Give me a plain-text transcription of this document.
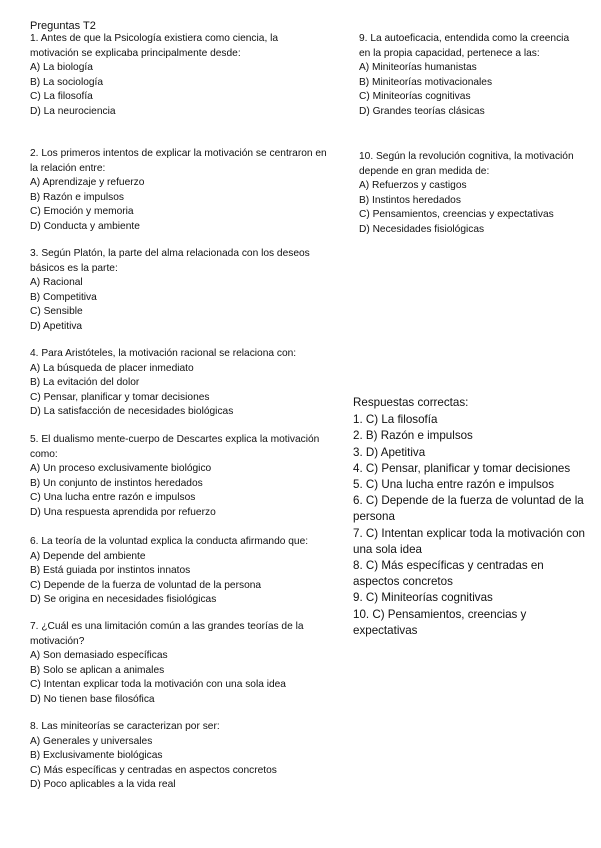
Preguntas T2
1. Antes de que la Psicología existiera como ciencia, la motivación se explicaba principalmente desde:
A) La biología
B) La sociología
C) La filosofía
D) La neurociencia
2. Los primeros intentos de explicar la motivación se centraron en la relación entre:
A) Aprendizaje y refuerzo
B) Razón e impulsos
C) Emoción y memoria
D) Conducta y ambiente
3. Según Platón, la parte del alma relacionada con los deseos básicos es la parte:
A) Racional
B) Competitiva
C) Sensible
D) Apetitiva
4. Para Aristóteles, la motivación racional se relaciona con:
A) La búsqueda de placer inmediato
B) La evitación del dolor
C) Pensar, planificar y tomar decisiones
D) La satisfacción de necesidades biológicas
5. El dualismo mente-cuerpo de Descartes explica la motivación como:
A) Un proceso exclusivamente biológico
B) Un conjunto de instintos heredados
C) Una lucha entre razón e impulsos
D) Una respuesta aprendida por refuerzo
6. La teoría de la voluntad explica la conducta afirmando que:
A) Depende del ambiente
B) Está guiada por instintos innatos
C) Depende de la fuerza de voluntad de la persona
D) Se origina en necesidades fisiológicas
7. ¿Cuál es una limitación común a las grandes teorías de la motivación?
A) Son demasiado específicas
B) Solo se aplican a animales
C) Intentan explicar toda la motivación con una sola idea
D) No tienen base filosófica
8. Las miniteorías se caracterizan por ser:
A) Generales y universales
B) Exclusivamente biológicas
C) Más específicas y centradas en aspectos concretos
D) Poco aplicables a la vida real
9. La autoeficacia, entendida como la creencia en la propia capacidad, pertenece a las:
A) Miniteorías humanistas
B) Miniteorías motivacionales
C) Miniteorías cognitivas
D) Grandes teorías clásicas
10. Según la revolución cognitiva, la motivación depende en gran medida de:
A) Refuerzos y castigos
B) Instintos heredados
C) Pensamientos, creencias y expectativas
D) Necesidades fisiológicas
Respuestas correctas:
1. C) La filosofía
2. B) Razón e impulsos
3. D) Apetitiva
4. C) Pensar, planificar y tomar decisiones
5. C) Una lucha entre razón e impulsos
6. C) Depende de la fuerza de voluntad de la persona
7. C) Intentan explicar toda la motivación con una sola idea
8. C) Más específicas y centradas en aspectos concretos
9. C) Miniteorías cognitivas
10. C) Pensamientos, creencias y expectativas
